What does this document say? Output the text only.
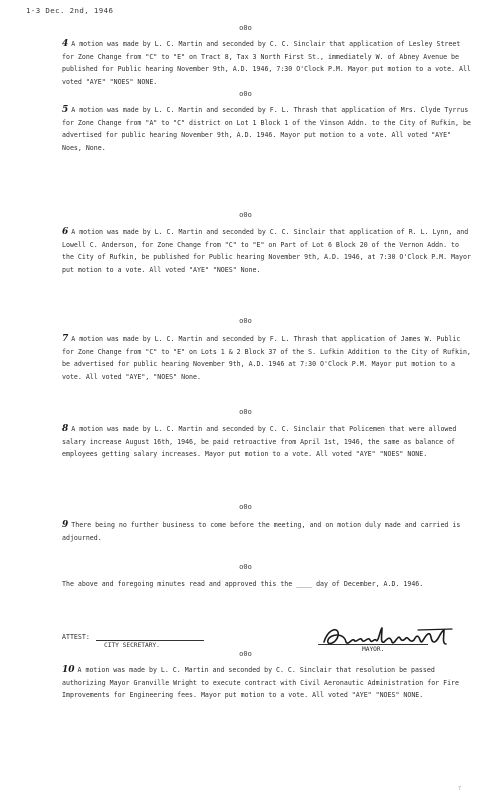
1-3 Dec. 2nd, 1946
o0o
4 A motion was made by L. C. Martin and seconded by C. C. Sinclair that application of Lesley Street for Zone Change from "C" to "E" on Tract 8, Tax 3 North First St., immediately W. of Abney Avenue be published for Public hearing November 9th, A.D. 1946, 7:30 O'Clock P.M. Mayor put motion to a vote. All voted "AYE" "NOES" NONE.
o0o
5 A motion was made by L. C. Martin and seconded by F. L. Thrash that application of Mrs. Clyde Tyrrus for Zone Change from "A" to "C" district on Lot 1 Block 1 of the Vinson Addn. to the City of Rufkin, be advertised for public hearing November 9th, A.D. 1946. Mayor put motion to a vote. All voted "AYE" Noes, None.
o0o
6 A motion was made by L. C. Martin and seconded by C. C. Sinclair that application of R. L. Lynn, and Lowell C. Anderson, for Zone Change from "C" to "E" on Part of Lot 6 Block 20 of the Vernon Addn. to the City of Rufkin, be published for Public hearing November 9th, A.D. 1946, at 7:30 O'Clock P.M. Mayor put motion to a vote. All voted "AYE" "NOES" None.
o0o
7 A motion was made by L. C. Martin and seconded by F. L. Thrash that application of James W. Public for Zone Change from "C" to "E" on Lots 1 & 2 Block 37 of the S. Lufkin Addition to the City of Rufkin, be advertised for public hearing November 9th, A.D. 1946 at 7:30 O'Clock P.M. Mayor put motion to a vote. All voted "AYE", "NOES" None.
o0o
8 A motion was made by L. C. Martin and seconded by C. C. Sinclair that Policemen that were allowed salary increase August 16th, 1946, be paid retroactive from April 1st, 1946, the same as balance of employees getting salary increases. Mayor put motion to a vote. All voted "AYE" "NOES" NONE.
o0o
9 There being no further business to come before the meeting, and on motion duly made and carried is adjourned.
o0o
The above and foregoing minutes read and approved this the ____ day of December, A.D. 1946.
ATTEST:
CITY SECRETARY.
MAYOR.
o0o
10 A motion was made by L. C. Martin and seconded by C. C. Sinclair that resolution be passed authorizing Mayor Granville Wright to execute contract with Civil Aeronautic Administration for Fire Improvements for Engineering fees. Mayor put motion to a vote. All voted "AYE" "NOES" NONE.
7
